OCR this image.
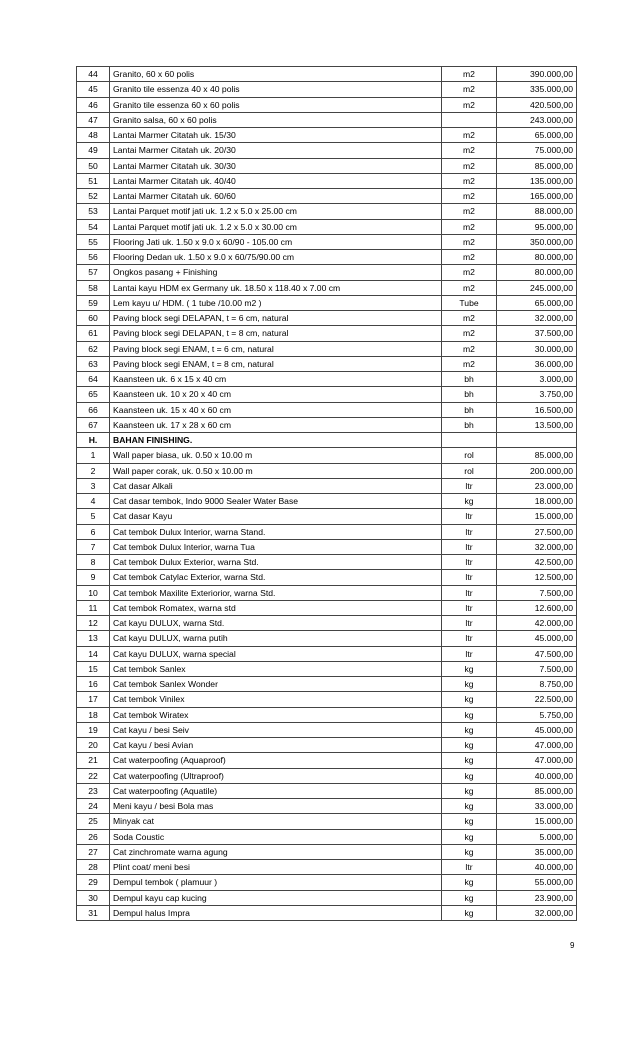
44	Granito, 60 x 60 polis	m2	390.000,00
45	Granito tile essenza 40 x 40 polis	m2	335.000,00
46	Granito tile essenza 60 x 60 polis	m2	420.500,00
47	Granito salsa, 60 x 60 polis		243.000,00
48	Lantai Marmer Citatah uk. 15/30	m2	65.000,00
49	Lantai Marmer Citatah uk. 20/30	m2	75.000,00
50	Lantai Marmer Citatah uk. 30/30	m2	85.000,00
51	Lantai Marmer Citatah uk. 40/40	m2	135.000,00
52	Lantai Marmer Citatah uk. 60/60	m2	165.000,00
53	Lantai Parquet motif jati uk. 1.2 x 5.0 x 25.00 cm	m2	88.000,00
54	Lantai Parquet motif jati uk. 1.2 x 5.0 x 30.00 cm	m2	95.000,00
55	Flooring Jati uk. 1.50 x 9.0 x 60/90 - 105.00 cm	m2	350.000,00
56	Flooring Dedan uk. 1.50 x 9.0 x 60/75/90.00 cm	m2	80.000,00
57	Ongkos pasang + Finishing	m2	80.000,00
58	Lantai kayu HDM ex Germany uk. 18.50 x 118.40 x 7.00 cm	m2	245.000,00
59	Lem kayu u/ HDM. ( 1 tube /10.00 m2 )	Tube	65.000,00
60	Paving block segi DELAPAN, t = 6 cm, natural	m2	32.000,00
61	Paving block segi DELAPAN, t = 8 cm, natural	m2	37.500,00
62	Paving block segi ENAM, t = 6 cm, natural	m2	30.000,00
63	Paving block segi ENAM, t = 8 cm, natural	m2	36.000,00
64	Kaansteen uk. 6 x 15 x 40 cm	bh	3.000,00
65	Kaansteen uk. 10 x 20 x 40 cm	bh	3.750,00
66	Kaansteen uk. 15 x 40 x 60 cm	bh	16.500,00
67	Kaansteen uk. 17 x 28 x 60 cm	bh	13.500,00
H.	BAHAN FINISHING.		
1	Wall paper biasa, uk. 0.50 x 10.00 m	rol	85.000,00
2	Wall paper corak, uk. 0.50 x 10.00 m	rol	200.000,00
3	Cat dasar Alkali	ltr	23.000,00
4	Cat dasar tembok, Indo 9000 Sealer Water Base	kg	18.000,00
5	Cat dasar Kayu	ltr	15.000,00
6	Cat tembok Dulux Interior, warna Stand.	ltr	27.500,00
7	Cat tembok Dulux Interior, warna Tua	ltr	32.000,00
8	Cat tembok Dulux Exterior, warna Std.	ltr	42.500,00
9	Cat tembok Catylac Exterior, warna Std.	ltr	12.500,00
10	Cat tembok Maxilite Exteriorior, warna Std.	ltr	7.500,00
11	Cat tembok Romatex, warna std	ltr	12.600,00
12	Cat kayu DULUX, warna Std.	ltr	42.000,00
13	Cat kayu DULUX, warna putih	ltr	45.000,00
14	Cat kayu DULUX, warna special	ltr	47.500,00
15	Cat tembok Sanlex	kg	7.500,00
16	Cat tembok Sanlex Wonder	kg	8.750,00
17	Cat tembok Vinilex	kg	22.500,00
18	Cat tembok Wiratex	kg	5.750,00
19	Cat kayu / besi Seiv	kg	45.000,00
20	Cat kayu / besi Avian	kg	47.000,00
21	Cat waterpoofing (Aquaproof)	kg	47.000,00
22	Cat waterpoofing (Ultraproof)	kg	40.000,00
23	Cat waterpoofing (Aquatile)	kg	85.000,00
24	Meni kayu / besi Bola mas	kg	33.000,00
25	Minyak cat	kg	15.000,00
26	Soda Coustic	kg	5.000,00
27	Cat zinchromate warna agung	kg	35.000,00
28	Plint coat/ meni besi	ltr	40.000,00
29	Dempul tembok ( plamuur )	kg	55.000,00
30	Dempul kayu cap kucing	kg	23.900,00
31	Dempul halus Impra	kg	32.000,00
9
